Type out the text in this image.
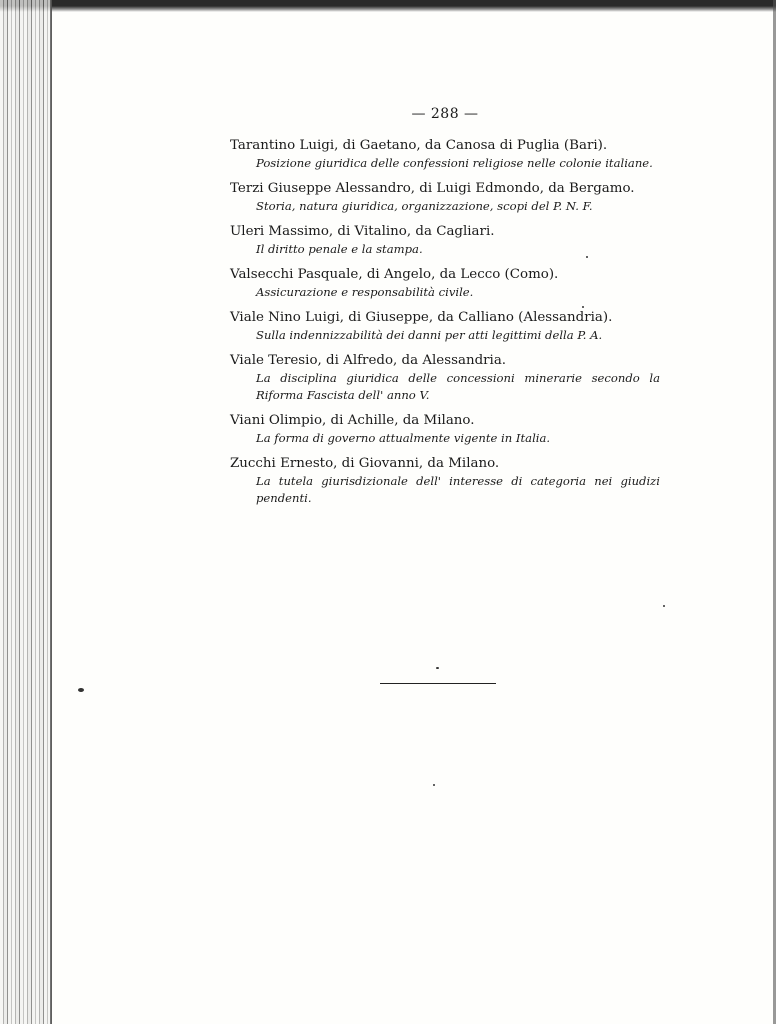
— 288 —
Tarantino Luigi, di Gaetano, da Canosa di Puglia (Bari).
Posizione giuridica delle confessioni religiose nelle colonie italiane.
Terzi Giuseppe Alessandro, di Luigi Edmondo, da Bergamo.
Storia, natura giuridica, organizzazione, scopi del P. N. F.
Uleri Massimo, di Vitalino, da Cagliari.
Il diritto penale e la stampa.
Valsecchi Pasquale, di Angelo, da Lecco (Como).
Assicurazione e responsabilità civile.
Viale Nino Luigi, di Giuseppe, da Calliano (Alessandria).
Sulla indennizzabilità dei danni per atti legittimi della P. A.
Viale Teresio, di Alfredo, da Alessandria.
La disciplina giuridica delle concessioni minerarie secondo la Riforma Fascista dell' anno V.
Viani Olimpio, di Achille, da Milano.
La forma di governo attualmente vigente in Italia.
Zucchi Ernesto, di Giovanni, da Milano.
La tutela giurisdizionale dell' interesse di categoria nei giudizi pendenti.
